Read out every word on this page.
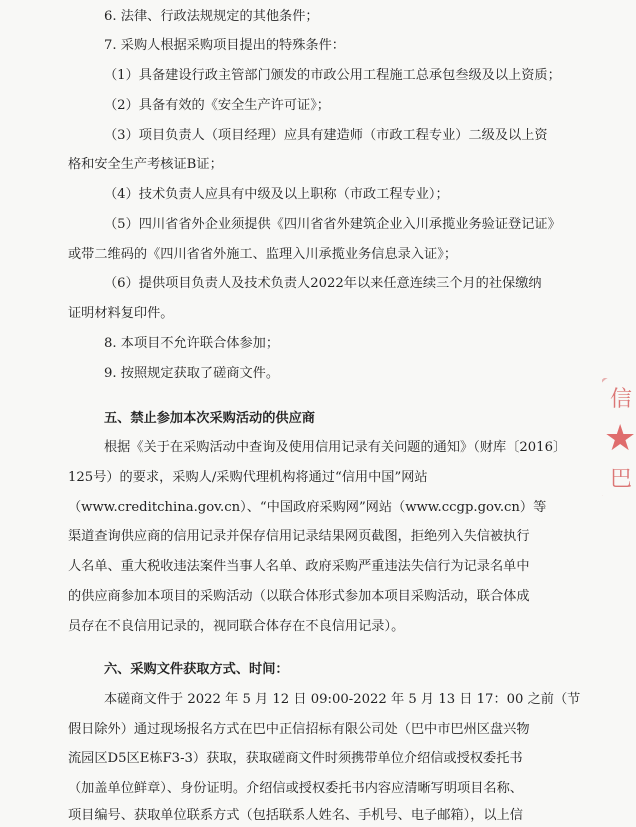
6. 法律、行政法规规定的其他条件；
7. 采购人根据采购项目提出的特殊条件：
（1）具备建设行政主管部门颁发的市政公用工程施工总承包叁级及以上资质；
（2）具备有效的《安全生产许可证》；
（3）项目负责人（项目经理）应具有建造师（市政工程专业）二级及以上资
格和安全生产考核证B证；
（4）技术负责人应具有中级及以上职称（市政工程专业）；
（5）四川省省外企业须提供《四川省省外建筑企业入川承揽业务验证登记证》
或带二维码的《四川省省外施工、监理入川承揽业务信息录入证》；
（6）提供项目负责人及技术负责人2022年以来任意连续三个月的社保缴纳
证明材料复印件。
8. 本项目不允许联合体参加；
9. 按照规定获取了磋商文件。
五、禁止参加本次采购活动的供应商
根据《关于在采购活动中查询及使用信用记录有关问题的通知》（财库〔2016〕
125号）的要求，采购人/采购代理机构将通过“信用中国”网站
（www.creditchina.gov.cn）、“中国政府采购网”网站（www.ccgp.gov.cn）等
渠道查询供应商的信用记录并保存信用记录结果网页截图，拒绝列入失信被执行
人名单、重大税收违法案件当事人名单、政府采购严重违法失信行为记录名单中
的供应商参加本项目的采购活动（以联合体形式参加本项目采购活动，联合体成
员存在不良信用记录的，视同联合体存在不良信用记录）。
六、采购文件获取方式、时间：
本磋商文件于 2022 年 5 月 12 日 09:00-2022 年 5 月 13 日 17：00 之前（节
假日除外）通过现场报名方式在巴中正信招标有限公司处（巴中市巴州区盘兴物
流园区D5区E栋F3-3）获取，获取磋商文件时须携带单位介绍信或授权委托书
（加盖单位鲜章）、身份证明。介绍信或授权委托书内容应清晰写明项目名称、
项目编号、获取单位联系方式（包括联系人姓名、手机号、电子邮箱），以上信
信
★
巴
